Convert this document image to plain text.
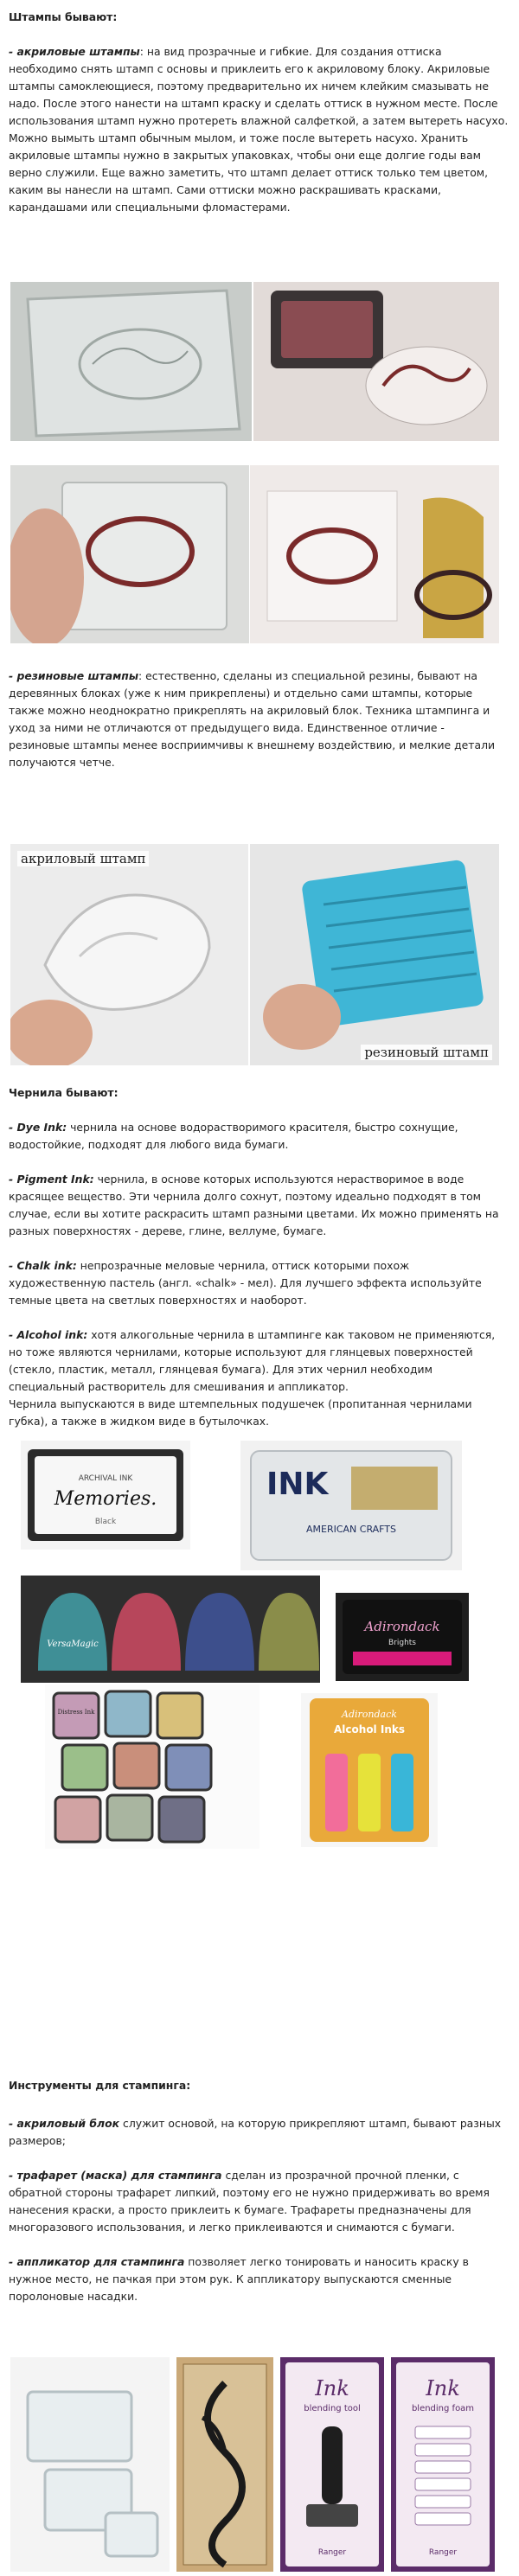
Штампы бывают:

- акриловые штампы: на вид прозрачные и гибкие. Для создания оттиска необходимо снять штамп с основы и приклеить его к акриловому блоку. Акриловые штампы самоклеющиеся, поэтому предварительно их ничем клейким смазывать не надо. После этого нанести на штамп краску и сделать оттиск в нужном месте. После использования штамп нужно протереть влажной салфеткой, а затем вытереть насухо. Можно вымыть штамп обычным мылом, и тоже после вытереть насухо. Хранить акриловые штампы нужно в закрытых упаковках, чтобы они еще долгие годы вам верно служили. Еще важно заметить, что штамп делает оттиск только тем цветом, каким вы нанесли на штамп. Сами оттиски можно раскрашивать красками, карандашами или специальными фломастерами.

- резиновые штампы: естественно, сделаны из специальной резины, бывают на деревянных блоках (уже к ним прикреплены) и отдельно сами штампы, которые также можно неоднократно прикреплять на акриловый блок. Техника штампинга и уход за ними не отличаются от предыдущего вида. Единственное отличие - резиновые штампы менее восприимчивы к внешнему воздействию, и мелкие детали получаются четче.

акриловый штамп
резиновый штамп

Чернила бывают:

- Dye Ink: чернила на основе водорастворимого красителя, быстро сохнущие, водостойкие, подходят для любого вида бумаги.

- Pigment Ink: чернила, в основе которых используются нерастворимое в воде красящее вещество. Эти чернила долго сохнут, поэтому идеально подходят в том случае, если вы хотите раскрасить штамп разными цветами. Их можно применять на разных поверхностях - дереве, глине, веллуме, бумаге.

- Chalk ink: непрозрачные меловые чернила, оттиск которыми похож художественную пастель (англ. «chalk» - мел). Для лучшего эффекта используйте темные цвета на светлых поверхностях и наоборот.

- Alcohol ink: хотя алкогольные чернила в штампинге как таковом не применяются, но тоже являются чернилами, которые используют для глянцевых поверхностей (стекло, пластик, металл, глянцевая бумага). Для этих чернил необходим специальный растворитель для смешивания и аппликатор.

Чернила выпускаются в виде штемпельных подушечек (пропитанная чернилами губка), а также в жидком виде в бутылочках.

ARCHIVAL INK
Memories.
Black
INK
AMERICAN CRAFTS
VersaMagic
Adirondack
Brights
Distress Ink	Adirondack
Alcohol Inks

Инструменты для стампинга:

- акриловый блок служит основой, на которую прикрепляют штамп, бывают разных размеров;

- трафарет (маска) для стампинга сделан из прозрачной прочной пленки, с обратной стороны трафарет липкий, поэтому его не нужно придерживать во время нанесения краски, а просто приклеить к бумаге. Трафареты предназначены для многоразового использования, и легко приклеиваются и снимаются с бумаги.

- аппликатор для стампинга позволяет легко тонировать и наносить краску в нужное место, не пачкая при этом рук. К аппликатору выпускаются сменные поролоновые насадки.

Ink
blending tool
Ranger
Ink
blending foam
Ranger
